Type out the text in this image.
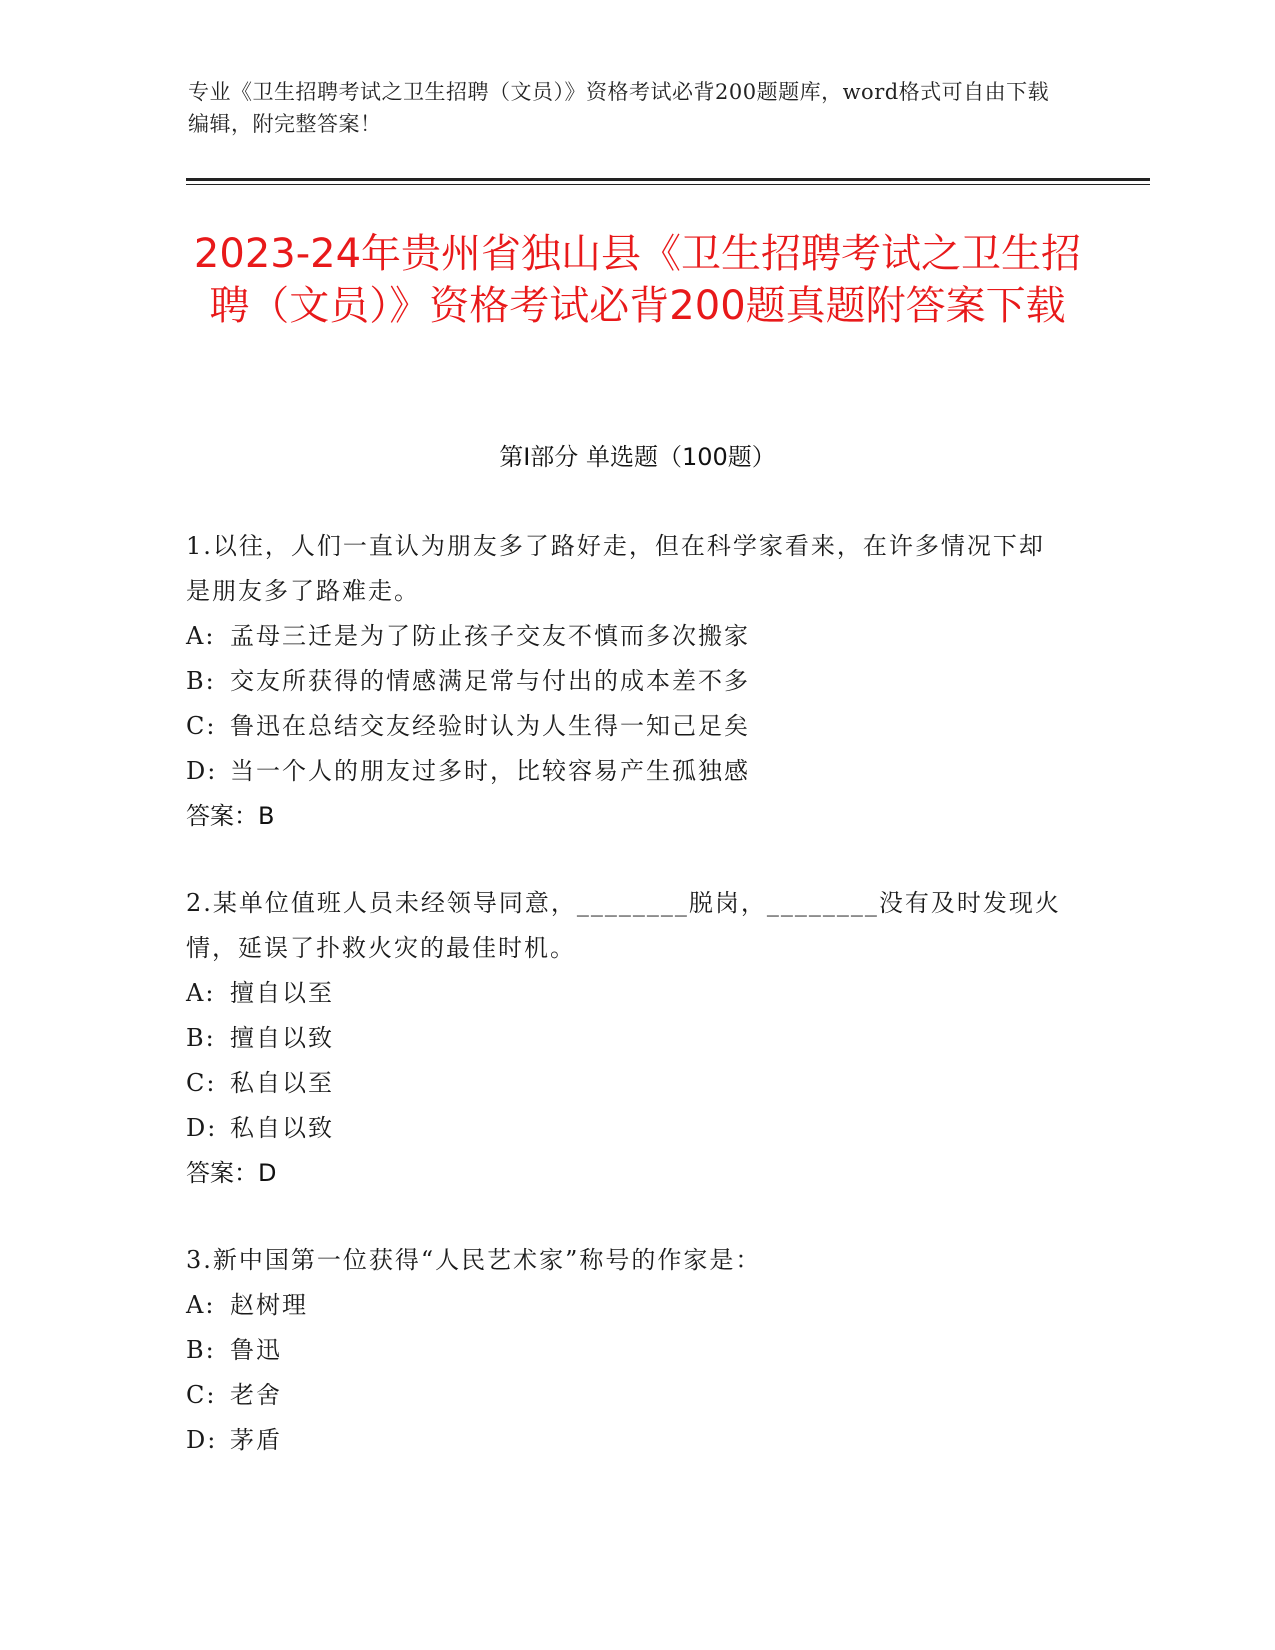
专业《卫生招聘考试之卫生招聘（文员）》资格考试必背200题题库，word格式可自由下载编辑，附完整答案！
2023-24年贵州省独山县《卫生招聘考试之卫生招聘（文员）》资格考试必背200题真题附答案下载
第I部分 单选题（100题）
1.以往，人们一直认为朋友多了路好走，但在科学家看来，在许多情况下却是朋友多了路难走。
A: 孟母三迁是为了防止孩子交友不慎而多次搬家
B: 交友所获得的情感满足常与付出的成本差不多
C: 鲁迅在总结交友经验时认为人生得一知己足矣
D: 当一个人的朋友过多时，比较容易产生孤独感
答案：B
2.某单位值班人员未经领导同意，________脱岗，________没有及时发现火情，延误了扑救火灾的最佳时机。
A: 擅自以至
B: 擅自以致
C: 私自以至
D: 私自以致
答案：D
3.新中国第一位获得“人民艺术家”称号的作家是：
A: 赵树理
B: 鲁迅
C: 老舍
D: 茅盾
